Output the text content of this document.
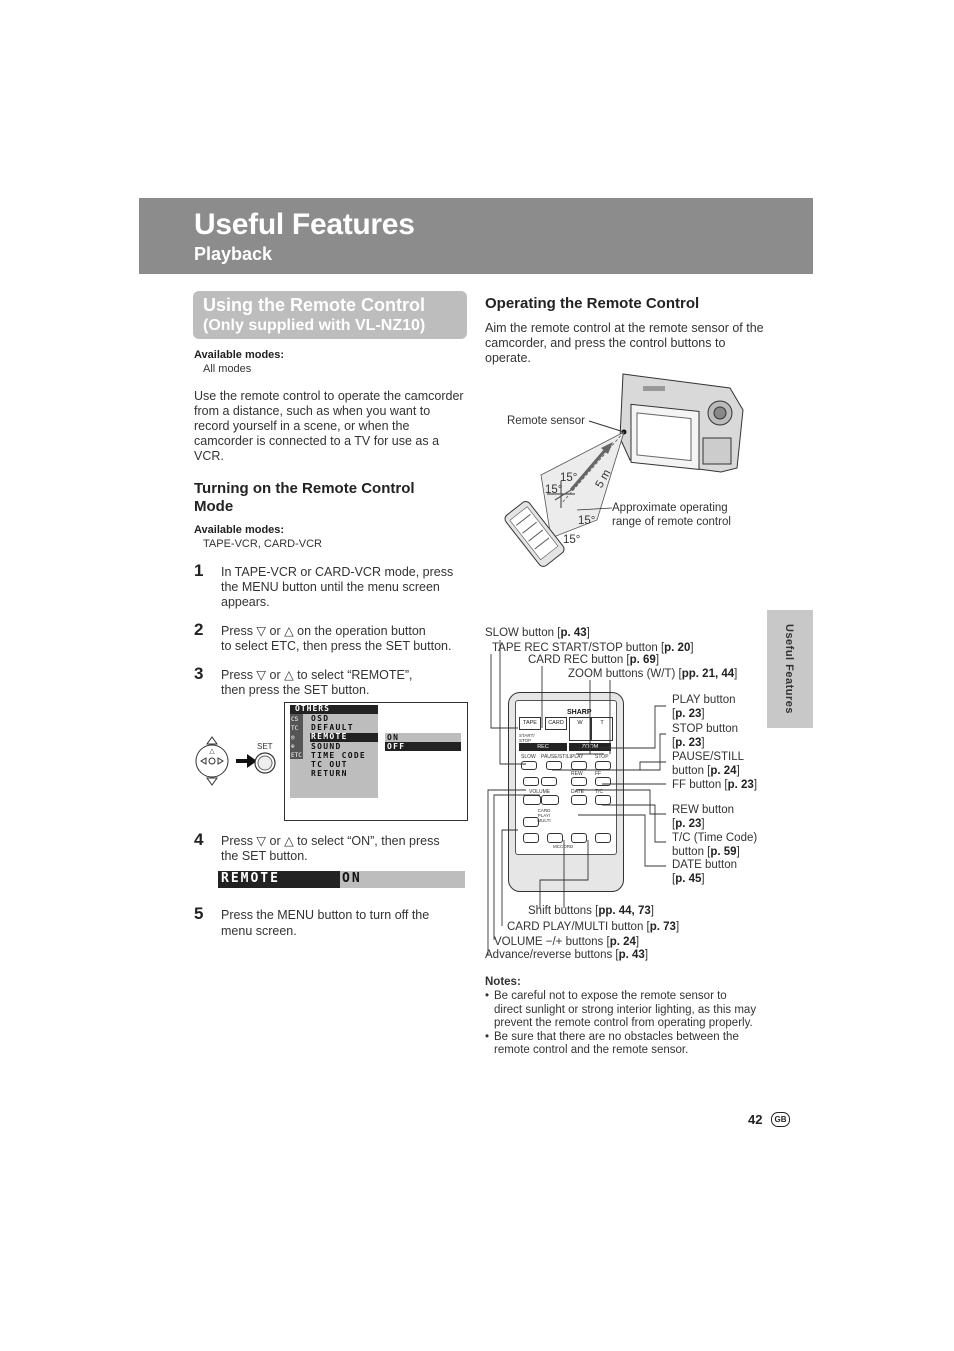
Useful Features
Playback
Using the Remote Control
(Only supplied with VL-NZ10)
Available modes:
All modes
Use the remote control to operate the camcorder from a distance, such as when you want to record yourself in a scene, or when the camcorder is connected to a TV for use as a VCR.
Turning on the Remote Control Mode
Available modes:
TAPE-VCR, CARD-VCR
1 In TAPE-VCR or CARD-VCR mode, press the MENU button until the menu screen appears.
2 Press ▽ or △ on the operation button
to select ETC, then press the SET button.
3 Press ▽ or △ to select “REMOTE”,
then press the SET button.
△	SET
OTHERS
CS
TC
◎
⊕
ETC
OSD
DEFAULT
REMOTE
SOUND
TIME CODE
TC OUT
RETURN
ON
OFF
4 Press ▽ or △ to select “ON”, then press
the SET button.
REMOTE	ON
5 Press the MENU button to turn off the
menu screen.
Operating the Remote Control
Aim the remote control at the remote sensor of the camcorder, and press the control buttons to operate.
Remote sensor
15°
15°
15°
15°
5 m
Approximate operating
range of remote control
SHARP
TAPE	CARD	W	T
START/ STOP
REC	ZOOM
SLOW PAUSE/STILL
PLAY STOP
REW FF
VOLUME	DATE T/C
CARD PLAY/ MULTI
MCCORD
SLOW button [p. 43]
TAPE REC START/STOP button [p. 20]
CARD REC button [p. 69]
ZOOM buttons (W/T) [pp. 21, 44]
PLAY button
[p. 23]
STOP button
[p. 23]
PAUSE/STILL
button [p. 24]
FF button [p. 23]
REW button
[p. 23]
T/C (Time Code)
button [p. 59]
DATE button
[p. 45]
Shift buttons [pp. 44, 73]
CARD PLAY/MULTI button [p. 73]
VOLUME −/+ buttons [p. 24]
Advance/reverse buttons [p. 43]
Notes:
• Be careful not to expose the remote sensor to direct sunlight or strong interior lighting, as this may prevent the remote control from operating properly.
• Be sure that there are no obstacles between the remote control and the remote sensor.
Useful Features
42	GB
